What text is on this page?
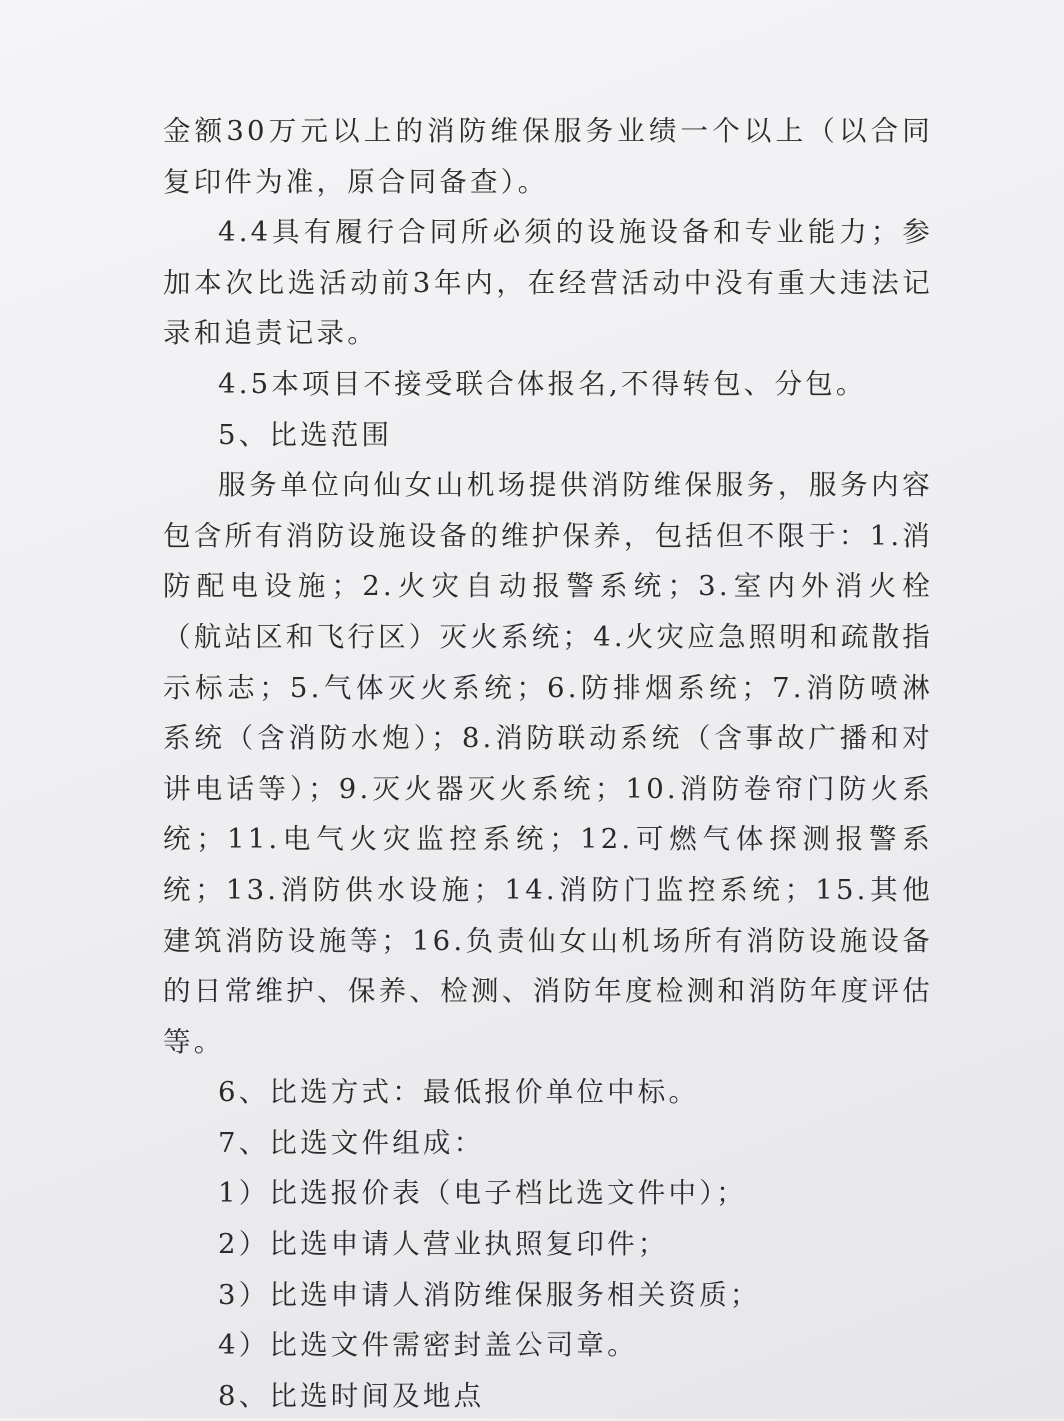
金额30万元以上的消防维保服务业绩一个以上（以合同复印件为准，原合同备查）。

4.4具有履行合同所必须的设施设备和专业能力；参加本次比选活动前3年内，在经营活动中没有重大违法记录和追责记录。

4.5本项目不接受联合体报名,不得转包、分包。

5、比选范围

服务单位向仙女山机场提供消防维保服务，服务内容包含所有消防设施设备的维护保养，包括但不限于：1.消防配电设施；2.火灾自动报警系统；3.室内外消火栓（航站区和飞行区）灭火系统；4.火灾应急照明和疏散指示标志；5.气体灭火系统；6.防排烟系统；7.消防喷淋系统（含消防水炮）；8.消防联动系统（含事故广播和对讲电话等）；9.灭火器灭火系统；10.消防卷帘门防火系统；11.电气火灾监控系统；12.可燃气体探测报警系统；13.消防供水设施；14.消防门监控系统；15.其他建筑消防设施等；16.负责仙女山机场所有消防设施设备的日常维护、保养、检测、消防年度检测和消防年度评估等。

6、比选方式：最低报价单位中标。

7、比选文件组成：

1）比选报价表（电子档比选文件中）；

2）比选申请人营业执照复印件；

3）比选申请人消防维保服务相关资质；

4）比选文件需密封盖公司章。

8、比选时间及地点
